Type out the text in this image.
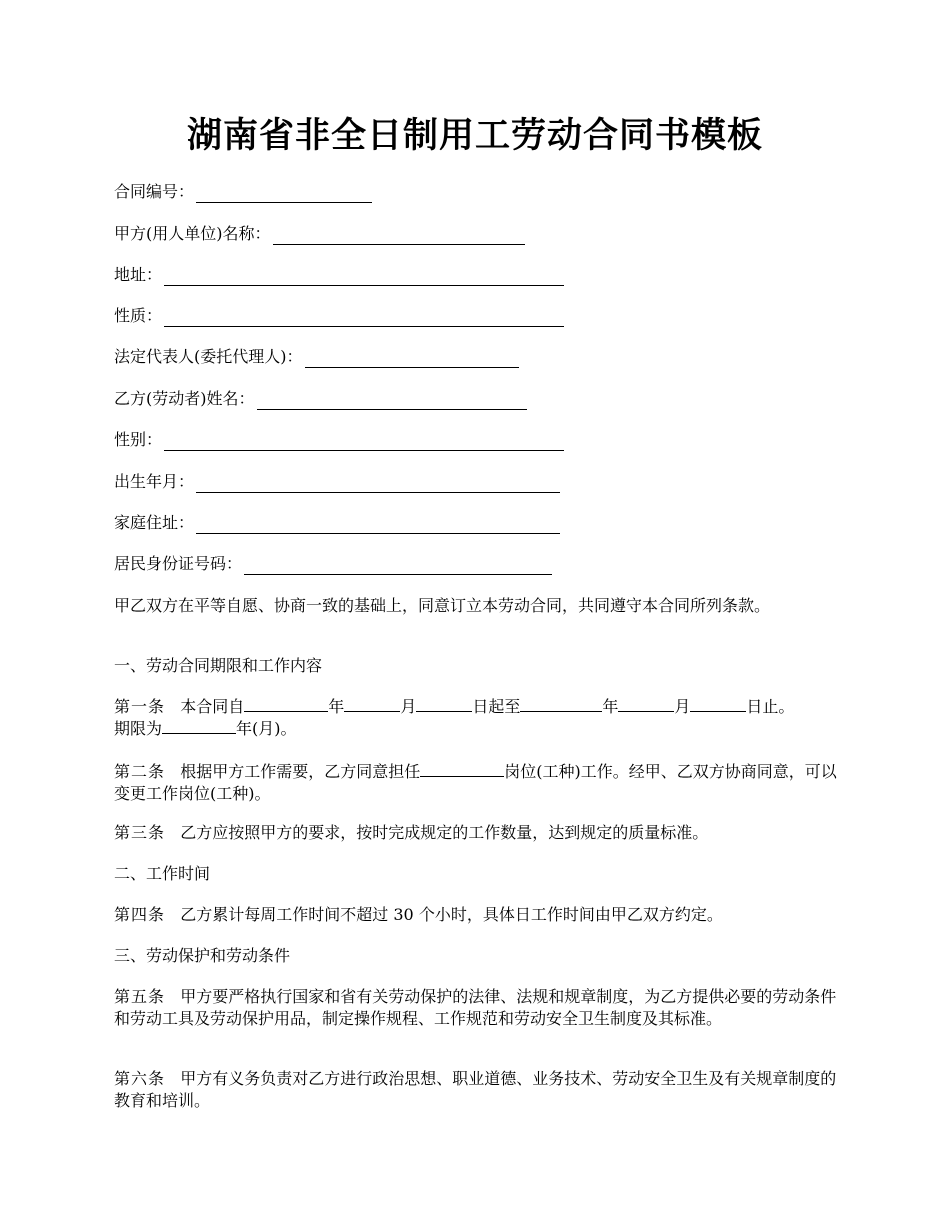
湖南省非全日制用工劳动合同书模板
合同编号：
甲方(用人单位)名称：
地址：
性质：
法定代表人(委托代理人)：
乙方(劳动者)姓名：
性别：
出生年月：
家庭住址：
居民身份证号码：
甲乙双方在平等自愿、协商一致的基础上，同意订立本劳动合同，共同遵守本合同所列条款。
一、劳动合同期限和工作内容
第一条 本合同自	年	月	日起至	年	月	日止。
期限为	年(月)。
第二条 根据甲方工作需要，乙方同意担任	岗位(工种)工作。经甲、乙双方协商同意，可以变更工作岗位(工种)。
第三条 乙方应按照甲方的要求，按时完成规定的工作数量，达到规定的质量标准。
二、工作时间
第四条 乙方累计每周工作时间不超过 30 个小时，具体日工作时间由甲乙双方约定。
三、劳动保护和劳动条件
第五条 甲方要严格执行国家和省有关劳动保护的法律、法规和规章制度，为乙方提供必要的劳动条件和劳动工具及劳动保护用品，制定操作规程、工作规范和劳动安全卫生制度及其标准。
第六条 甲方有义务负责对乙方进行政治思想、职业道德、业务技术、劳动安全卫生及有关规章制度的教育和培训。
